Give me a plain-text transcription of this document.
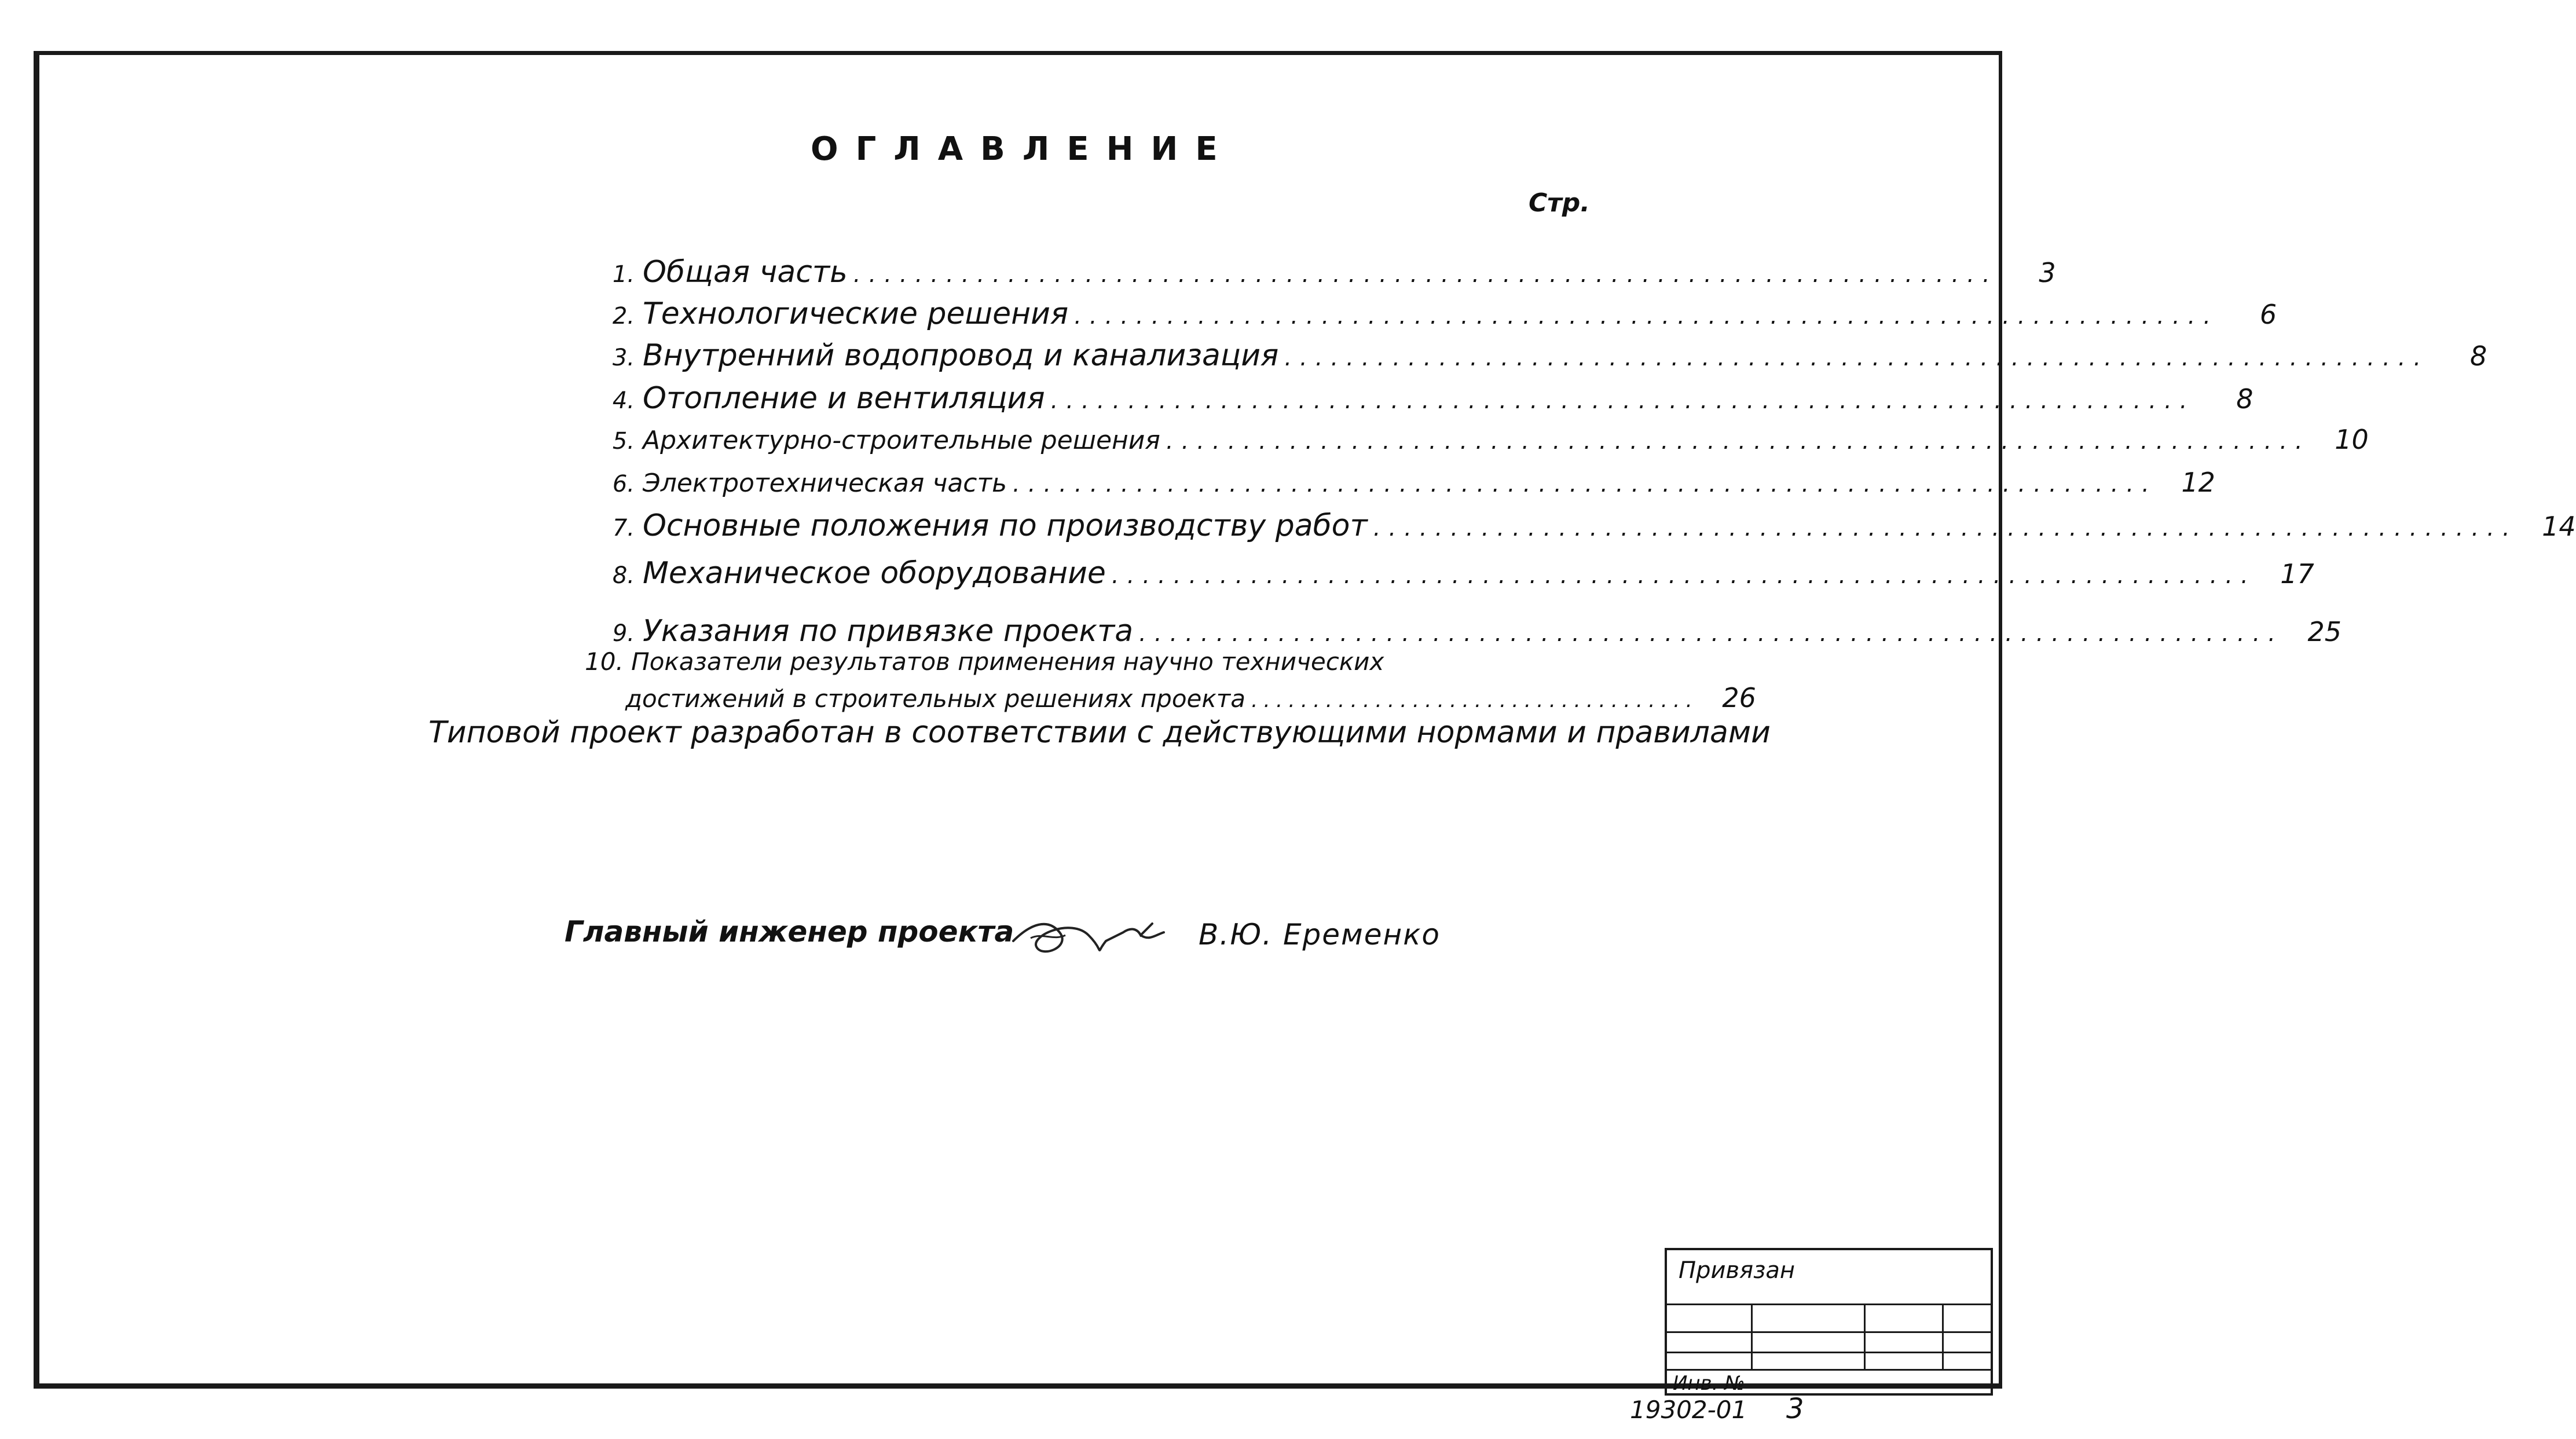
ОГЛАВЛЕНИЕ
Стр.
1. Общая часть ..........................................................................	3
2. Технологические решения ..........................................................................	6
3. Внутренний водопровод и канализация ..........................................................................	8
4. Отопление и вентиляция ..........................................................................	8
5. Архитектурно-строительные решения .......................................................................... 10
6. Электротехническая часть .......................................................................... 12
7. Основные положения по производству работ .......................................................................... 14
8. Механическое оборудование .......................................................................... 17
9. Указания по привязке проекта .......................................................................... 25
10. Показатели результатов применения научно технических
достижений в строительных решениях проекта .................................... 26
Типовой проект разработан в соответствии с действующими нормами и правилами
Главный инженер проекта	В.Ю. Еременко
Привязан
Инв. №
19302-01 3
